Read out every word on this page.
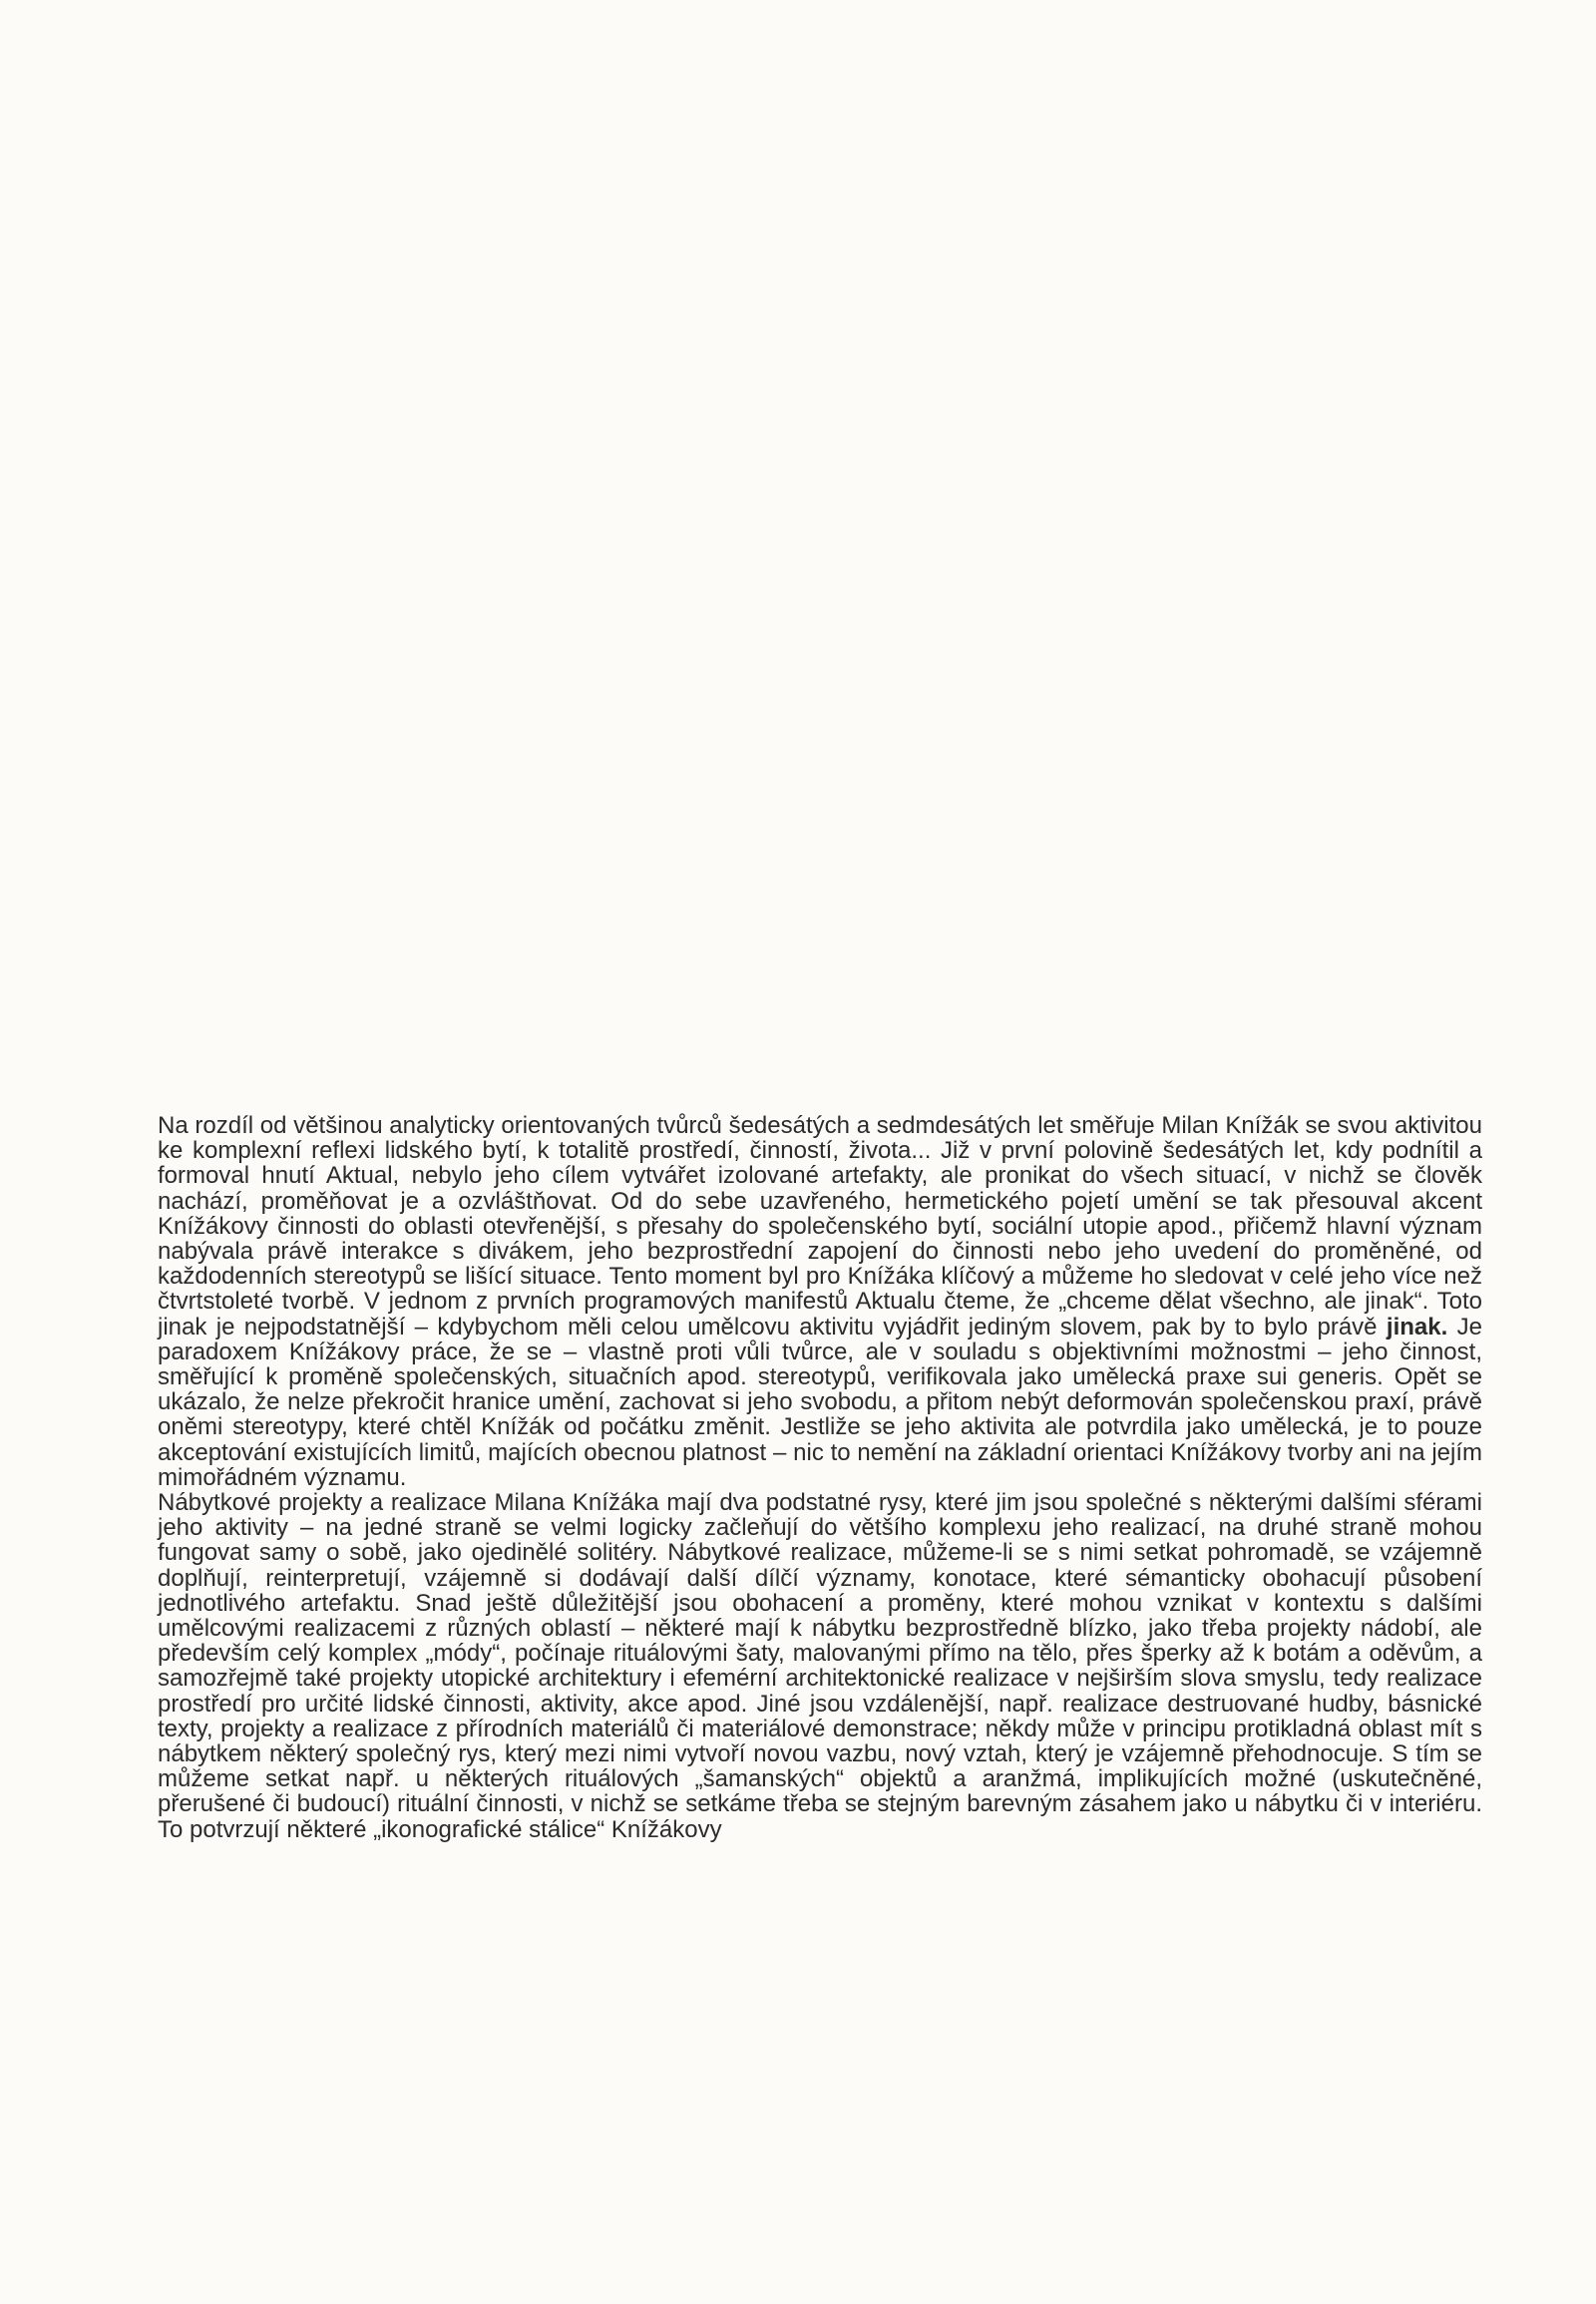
Na rozdíl od většinou analyticky orientovaných tvůrců šedesátých a sedmdesátých let směřuje Milan Knížák se svou aktivitou ke komplexní reflexi lidského bytí, k totalitě prostředí, činností, života... Již v první polovině šedesátých let, kdy podnítil a formoval hnutí Aktual, nebylo jeho cílem vytvářet izolované artefakty, ale pronikat do všech situací, v nichž se člověk nachází, proměňovat je a ozvláštňovat. Od do sebe uzavřeného, hermetického pojetí umění se tak přesouval akcent Knížákovy činnosti do oblasti otevřenější, s přesahy do společenského bytí, sociální utopie apod., přičemž hlavní význam nabývala právě interakce s divákem, jeho bezprostřední zapojení do činnosti nebo jeho uvedení do proměněné, od každodenních stereotypů se lišící situace. Tento moment byl pro Knížáka klíčový a můžeme ho sledovat v celé jeho více než čtvrtstoleté tvorbě. V jednom z prvních programových manifestů Aktualu čteme, že „chceme dělat všechno, ale jinak“. Toto jinak je nejpodstatnější – kdybychom měli celou umělcovu aktivitu vyjádřit jediným slovem, pak by to bylo právě jinak. Je paradoxem Knížákovy práce, že se – vlastně proti vůli tvůrce, ale v souladu s objektivními možnostmi – jeho činnost, směřující k proměně společenských, situačních apod. stereotypů, verifikovala jako umělecká praxe sui generis. Opět se ukázalo, že nelze překročit hranice umění, zachovat si jeho svobodu, a přitom nebýt deformován společenskou praxí, právě oněmi stereotypy, které chtěl Knížák od počátku změnit. Jestliže se jeho aktivita ale potvrdila jako umělecká, je to pouze akceptování existujících limitů, majících obecnou platnost – nic to nemění na základní orientaci Knížákovy tvorby ani na jejím mimořádném významu.

Nábytkové projekty a realizace Milana Knížáka mají dva podstatné rysy, které jim jsou společné s některými dalšími sférami jeho aktivity – na jedné straně se velmi logicky začleňují do většího komplexu jeho realizací, na druhé straně mohou fungovat samy o sobě, jako ojedinělé solitéry. Nábytkové realizace, můžeme-li se s nimi setkat pohromadě, se vzájemně doplňují, reinterpretují, vzájemně si dodávají další dílčí významy, konotace, které sémanticky obohacují působení jednotlivého artefaktu. Snad ještě důležitější jsou obohacení a proměny, které mohou vznikat v kontextu s dalšími umělcovými realizacemi z různých oblastí – některé mají k nábytku bezprostředně blízko, jako třeba projekty nádobí, ale především celý komplex „módy“, počínaje rituálovými šaty, malovanými přímo na tělo, přes šperky až k botám a oděvům, a samozřejmě také projekty utopické architektury i efemérní architektonické realizace v nejširším slova smyslu, tedy realizace prostředí pro určité lidské činnosti, aktivity, akce apod. Jiné jsou vzdálenější, např. realizace destruované hudby, básnické texty, projekty a realizace z přírodních materiálů či materiálové demonstrace; někdy může v principu protikladná oblast mít s nábytkem některý společný rys, který mezi nimi vytvoří novou vazbu, nový vztah, který je vzájemně přehodnocuje. S tím se můžeme setkat např. u některých rituálových „šamanských“ objektů a aranžmá, implikujících možné (uskutečněné, přerušené či budoucí) rituální činnosti, v nichž se setkáme třeba se stejným barevným zásahem jako u nábytku či v interiéru. To potvrzují některé „ikonografické stálice“ Knížákovy
